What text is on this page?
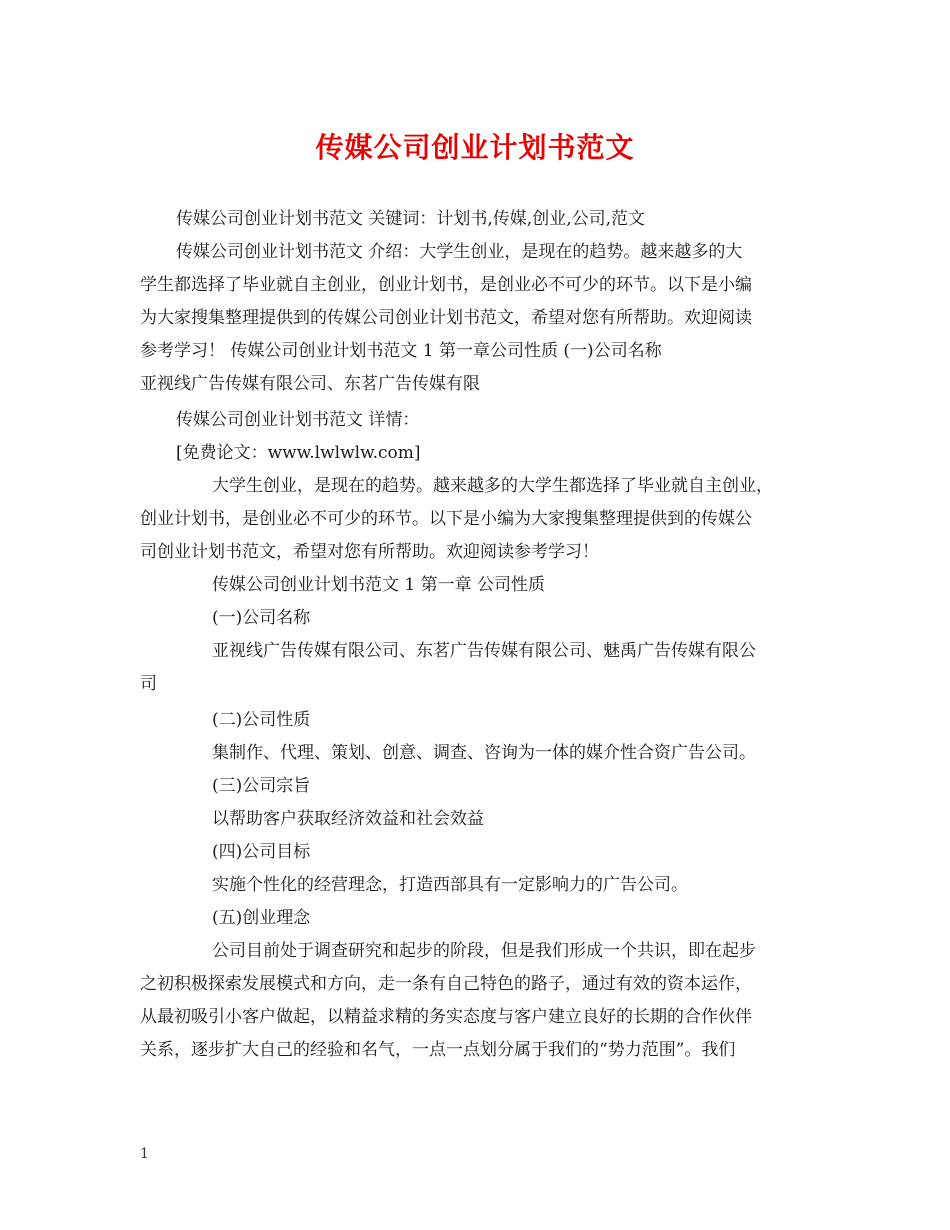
传媒公司创业计划书范文
传媒公司创业计划书范文 关键词：计划书,传媒,创业,公司,范文
传媒公司创业计划书范文 介绍：大学生创业，是现在的趋势。越来越多的大
学生都选择了毕业就自主创业，创业计划书，是创业必不可少的环节。以下是小编
为大家搜集整理提供到的传媒公司创业计划书范文，希望对您有所帮助。欢迎阅读
参考学习！ 传媒公司创业计划书范文 1 第一章公司性质 (一)公司名称
亚视线广告传媒有限公司、东茗广告传媒有限
传媒公司创业计划书范文 详情：
[免费论文：www.lwlwlw.com]
大学生创业，是现在的趋势。越来越多的大学生都选择了毕业就自主创业，
创业计划书，是创业必不可少的环节。以下是小编为大家搜集整理提供到的传媒公
司创业计划书范文，希望对您有所帮助。欢迎阅读参考学习！
传媒公司创业计划书范文 1 第一章 公司性质
(一)公司名称
亚视线广告传媒有限公司、东茗广告传媒有限公司、魅禹广告传媒有限公
司
(二)公司性质
集制作、代理、策划、创意、调查、咨询为一体的媒介性合资广告公司。
(三)公司宗旨
以帮助客户获取经济效益和社会效益
(四)公司目标
实施个性化的经营理念，打造西部具有一定影响力的广告公司。
(五)创业理念
公司目前处于调查研究和起步的阶段，但是我们形成一个共识，即在起步
之初积极探索发展模式和方向，走一条有自己特色的路子，通过有效的资本运作，
从最初吸引小客户做起，以精益求精的务实态度与客户建立良好的长期的合作伙伴
关系，逐步扩大自己的经验和名气，一点一点划分属于我们的“势力范围”。我们
1
